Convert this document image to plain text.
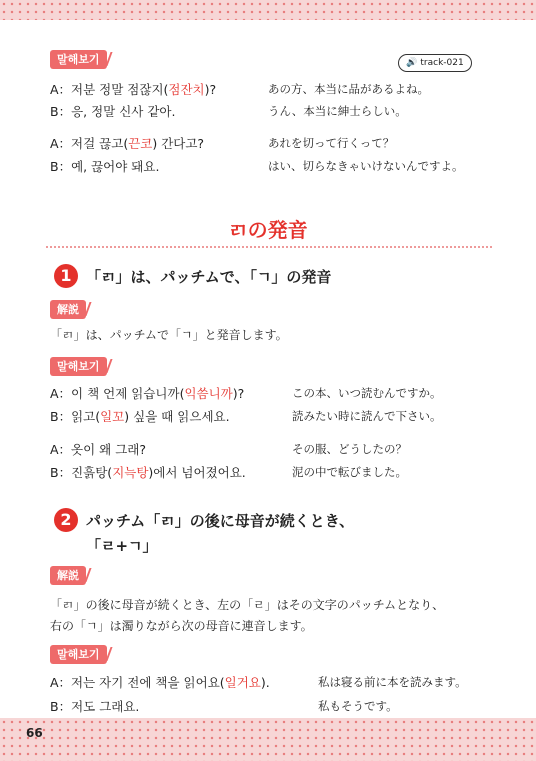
말해보기	🔊 track-021
A：저분 정말 점잖지(점잔치)?	あの方、本当に品があるよね。
B：응, 정말 신사 같아.	うん、本当に紳士らしい。
A：저걸 끊고(끈코) 간다고?	あれを切って行くって？
B：예, 끊어야 돼요.	はい、切らなきゃいけないんですよ。
ㄺの発音
1 「ㄺ」は、パッチムで、「ㄱ」の発音
解説
「ㄺ」は、パッチムで「ㄱ」と発音します。
말해보기
A：이 책 언제 읽습니까(익씀니까)?	この本、いつ読むんですか。
B：읽고(일꼬) 싶을 때 읽으세요.	読みたい時に読んで下さい。
A：옷이 왜 그래?	その服、どうしたの？
B：진흙탕(지늑탕)에서 넘어졌어요.	泥の中で転びました。
2 パッチム「ㄺ」の後に母音が続くとき、
「ㄹ+ㄱ」
解説
「ㄺ」の後に母音が続くとき、左の「ㄹ」はその文字のパッチムとなり、
右の「ㄱ」は濁りながら次の母音に連音します。
말해보기
A：저는 자기 전에 책을 읽어요(일거요).	私は寝る前に本を読みます。
B：저도 그래요.	私もそうです。
66
